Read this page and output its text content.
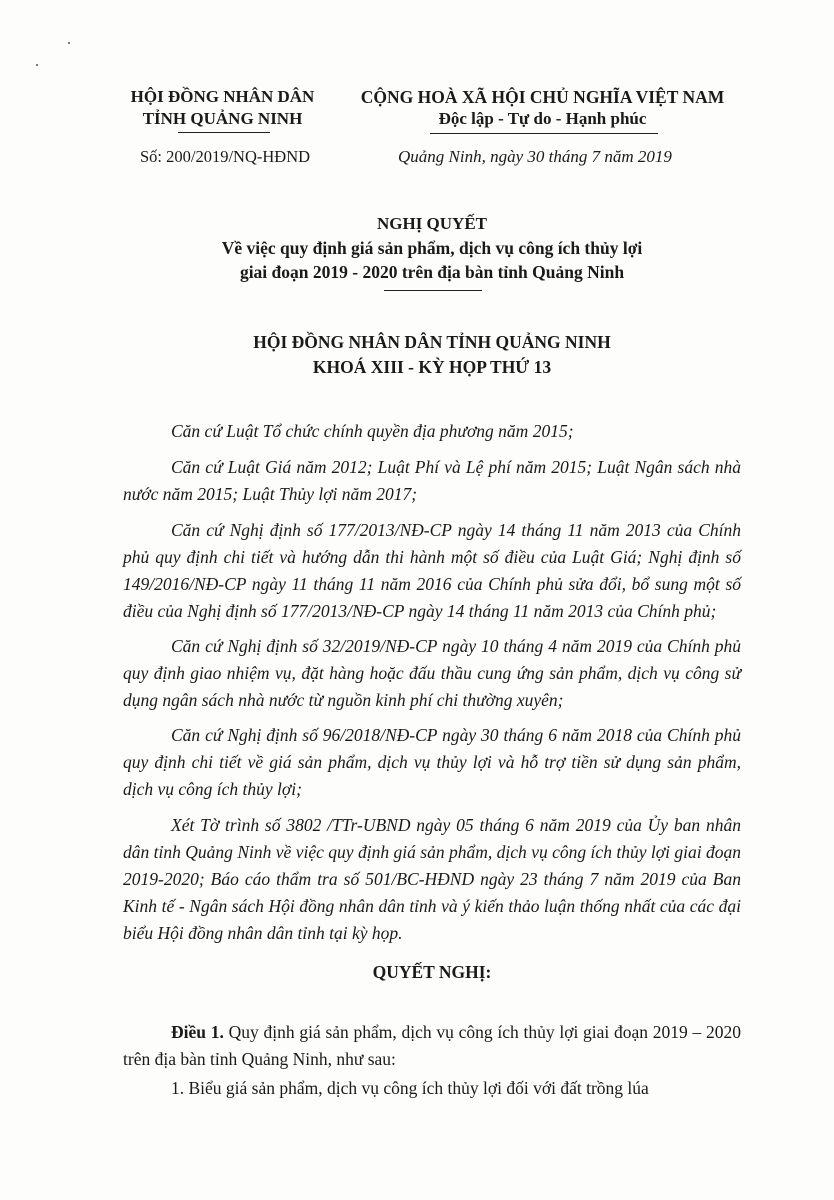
HỘI ĐỒNG NHÂN DÂN
TỈNH QUẢNG NINH
CỘNG HOÀ XÃ HỘI CHỦ NGHĨA VIỆT NAM
Độc lập - Tự do - Hạnh phúc
Số: 200/2019/NQ-HĐND	Quảng Ninh, ngày 30 tháng 7 năm 2019
NGHỊ QUYẾT
Về việc quy định giá sản phẩm, dịch vụ công ích thủy lợi
giai đoạn 2019 - 2020 trên địa bàn tỉnh Quảng Ninh
HỘI ĐỒNG NHÂN DÂN TỈNH QUẢNG NINH
KHOÁ XIII - KỲ HỌP THỨ 13
Căn cứ Luật Tổ chức chính quyền địa phương năm 2015;
Căn cứ Luật Giá năm 2012; Luật Phí và Lệ phí năm 2015; Luật Ngân sách nhà nước năm 2015; Luật Thủy lợi năm 2017;
Căn cứ Nghị định số 177/2013/NĐ-CP ngày 14 tháng 11 năm 2013 của Chính phủ quy định chi tiết và hướng dẫn thi hành một số điều của Luật Giá; Nghị định số 149/2016/NĐ-CP ngày 11 tháng 11 năm 2016 của Chính phủ sửa đổi, bổ sung một số điều của Nghị định số 177/2013/NĐ-CP ngày 14 tháng 11 năm 2013 của Chính phủ;
Căn cứ Nghị định số 32/2019/NĐ-CP ngày 10 tháng 4 năm 2019 của Chính phủ quy định giao nhiệm vụ, đặt hàng hoặc đấu thầu cung ứng sản phẩm, dịch vụ công sử dụng ngân sách nhà nước từ nguồn kinh phí chi thường xuyên;
Căn cứ Nghị định số 96/2018/NĐ-CP ngày 30 tháng 6 năm 2018 của Chính phủ quy định chi tiết về giá sản phẩm, dịch vụ thủy lợi và hỗ trợ tiền sử dụng sản phẩm, dịch vụ công ích thủy lợi;
Xét Tờ trình số 3802 /TTr-UBND ngày 05 tháng 6 năm 2019 của Ủy ban nhân dân tỉnh Quảng Ninh về việc quy định giá sản phẩm, dịch vụ công ích thủy lợi giai đoạn 2019-2020; Báo cáo thẩm tra số 501/BC-HĐND ngày 23 tháng 7 năm 2019 của Ban Kinh tế - Ngân sách Hội đồng nhân dân tỉnh và ý kiến thảo luận thống nhất của các đại biểu Hội đồng nhân dân tỉnh tại kỳ họp.
QUYẾT NGHỊ:
Điều 1. Quy định giá sản phẩm, dịch vụ công ích thủy lợi giai đoạn 2019 – 2020 trên địa bàn tỉnh Quảng Ninh, như sau:
1. Biểu giá sản phẩm, dịch vụ công ích thủy lợi đối với đất trồng lúa
